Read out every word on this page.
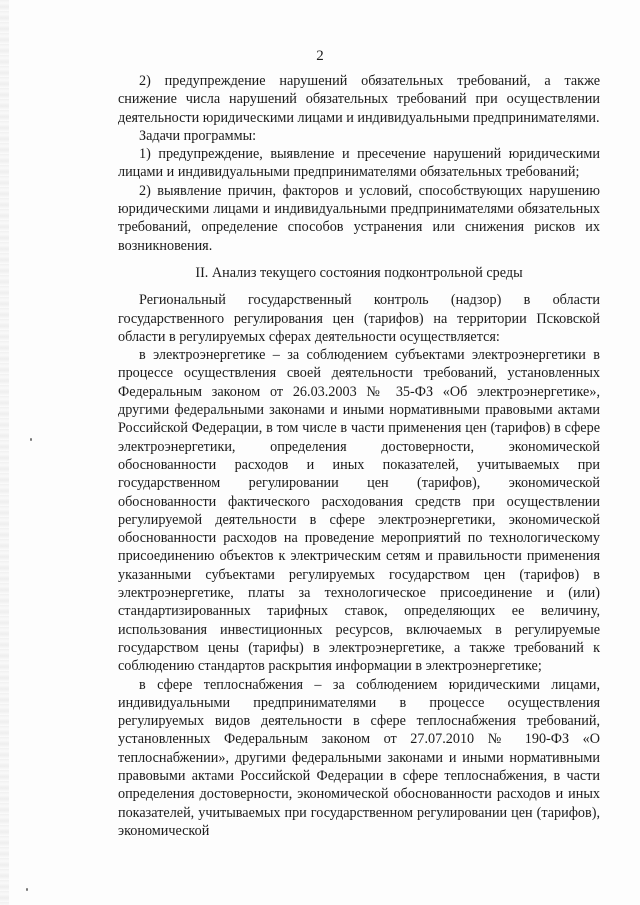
2

2) предупреждение нарушений обязательных требований, а также снижение числа нарушений обязательных требований при осуществлении деятельности юридическими лицами и индивидуальными предпринимателями.

Задачи программы:

1) предупреждение, выявление и пресечение нарушений юридическими лицами и индивидуальными предпринимателями обязательных требований;

2) выявление причин, факторов и условий, способствующих нарушению юридическими лицами и индивидуальными предпринимателями обязательных требований, определение способов устранения или снижения рисков их возникновения.

II. Анализ текущего состояния подконтрольной среды

Региональный государственный контроль (надзор) в области государственного регулирования цен (тарифов) на территории Псковской области в регулируемых сферах деятельности осуществляется:

в электроэнергетике – за соблюдением субъектами электроэнергетики в процессе осуществления своей деятельности требований, установленных Федеральным законом от 26.03.2003 № 35-ФЗ «Об электроэнергетике», другими федеральными законами и иными нормативными правовыми актами Российской Федерации, в том числе в части применения цен (тарифов) в сфере электроэнергетики, определения достоверности, экономической обоснованности расходов и иных показателей, учитываемых при государственном регулировании цен (тарифов), экономической обоснованности фактического расходования средств при осуществлении регулируемой деятельности в сфере электроэнергетики, экономической обоснованности расходов на проведение мероприятий по технологическому присоединению объектов к электрическим сетям и правильности применения указанными субъектами регулируемых государством цен (тарифов) в электроэнергетике, платы за технологическое присоединение и (или) стандартизированных тарифных ставок, определяющих ее величину, использования инвестиционных ресурсов, включаемых в регулируемые государством цены (тарифы) в электроэнергетике, а также требований к соблюдению стандартов раскрытия информации в электроэнергетике;

в сфере теплоснабжения – за соблюдением юридическими лицами, индивидуальными предпринимателями в процессе осуществления регулируемых видов деятельности в сфере теплоснабжения требований, установленных Федеральным законом от 27.07.2010 № 190-ФЗ «О теплоснабжении», другими федеральными законами и иными нормативными правовыми актами Российской Федерации в сфере теплоснабжения, в части определения достоверности, экономической обоснованности расходов и иных показателей, учитываемых при государственном регулировании цен (тарифов), экономической
